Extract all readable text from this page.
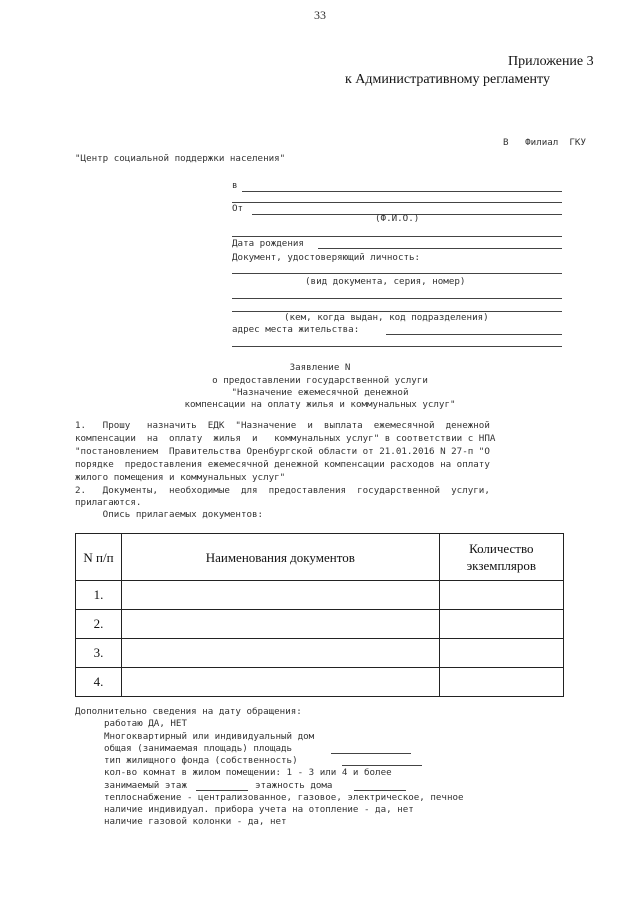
33
Приложение 3
к Административному регламенту
В   Филиал  ГКУ
"Центр социальной поддержки населения"
в
От
(Ф.И.О.)
Дата рождения
Документ, удостоверяющий личность:
(вид документа, серия, номер)
(кем, когда выдан, код подразделения)
адрес места жительства:
Заявление N
о предоставлении государственной услуги
"Назначение ежемесячной денежной
компенсации на оплату жилья и коммунальных услуг"
1.   Прошу   назначить  ЕДК  "Назначение  и  выплата  ежемесячной  денежной
компенсации  на  оплату  жилья  и   коммунальных услуг" в соответствии с НПА
"постановлением  Правительства Оренбургской области от 21.01.2016 N 27-п "О
порядке  предоставления ежемесячной денежной компенсации расходов на оплату
жилого помещения и коммунальных услуг"
2.   Документы,  необходимые  для  предоставления  государственной  услуги,
прилагаются.
Опись прилагаемых документов:
N п/п	Наименования документов	Количество
экземпляров
1.		
2.		
3.		
4.		
Дополнительно сведения на дату обращения:
работаю ДА, НЕТ
Многоквартирный или индивидуальный дом
общая (занимаемая площадь) площадь
тип жилищного фонда (собственность)
кол-во комнат в жилом помещении: 1 - 3 или 4 и более
занимаемый этаж	этажность дома
теплоснабжение - централизованное, газовое, электрическое, печное
наличие индивидуал. прибора учета на отопление - да, нет
наличие газовой колонки - да, нет
